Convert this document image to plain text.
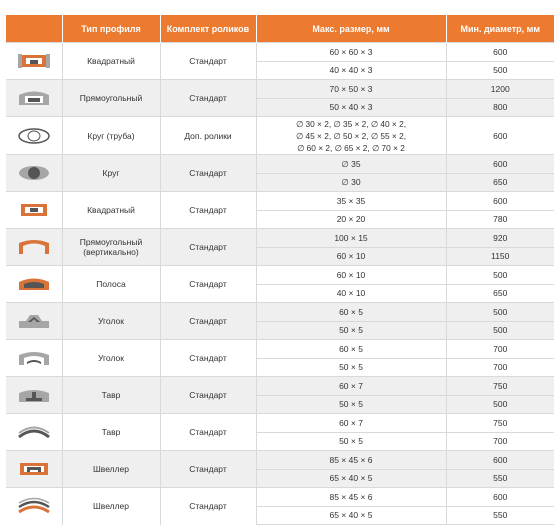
	Тип профиля	Комплект роликов	Макс. размер, мм	Мин. диаметр, мм

	Квадратный	Стандарт	60 × 60 × 3	600
			40 × 40 × 3	500

	Прямоугольный	Стандарт	70 × 50 × 3	1200
			50 × 40 × 3	800

	Круг (труба)	Доп. ролики	∅ 30 × 2, ∅ 35 × 2, ∅ 40 × 2,
∅ 45 × 2, ∅ 50 × 2, ∅ 55 × 2,
∅ 60 × 2, ∅ 65 × 2, ∅ 70 × 2	600

	Круг	Стандарт	∅ 35	600
			∅ 30	650

	Квадратный	Стандарт	35 × 35	600
			20 × 20	780

	Прямоугольный
(вертикально)	Стандарт	100 × 15	920
			60 × 10	1150

	Полоса	Стандарт	60 × 10	500
			40 × 10	650

	Уголок	Стандарт	60 × 5	500
			50 × 5	500

	Уголок	Стандарт	60 × 5	700
			50 × 5	700

	Тавр	Стандарт	60 × 7	750
			50 × 5	500

	Тавр	Стандарт	60 × 7	750
			50 × 5	700

	Швеллер	Стандарт	85 × 45 × 6	600
			65 × 40 × 5	550

	Швеллер	Стандарт	85 × 45 × 6	600
			65 × 40 × 5	550
